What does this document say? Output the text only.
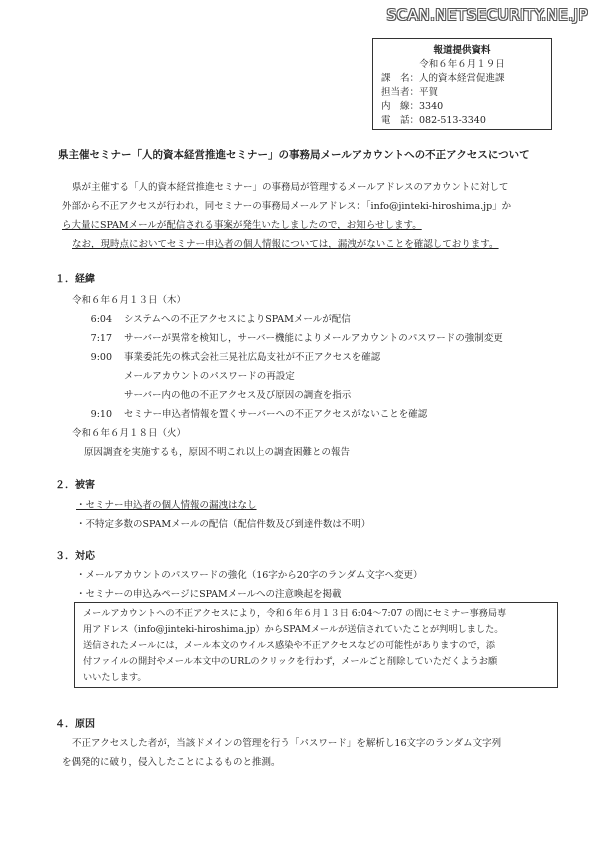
SCAN.NETSECURITY.NE.JP
報道提供資料
令和６年６月１９日
課　名：人的資本経営促進課
担当者：平賀
内　線：3340
電　話：082-513-3340
県主催セミナー「人的資本経営推進セミナー」の事務局メールアカウントへの不正アクセスについて
県が主催する「人的資本経営推進セミナー」の事務局が管理するメールアドレスのアカウントに対して
外部から不正アクセスが行われ，同セミナーの事務局メールアドレス：「info@jinteki-hiroshima.jp」か
ら大量にSPAMメールが配信される事案が発生いたしましたので，お知らせします。
なお，現時点においてセミナー申込者の個人情報については，漏洩がないことを確認しております。
１．経緯
令和６年６月１３日（木）
6:04 システムへの不正アクセスによりSPAMメールが配信
7:17 サーバーが異常を検知し，サーバー機能によりメールアカウントのパスワードの強制変更
9:00 事業委託先の株式会社三晃社広島支社が不正アクセスを確認
メールアカウントのパスワードの再設定
サーバー内の他の不正アクセス及び原因の調査を指示
9:10 セミナー申込者情報を置くサーバーへの不正アクセスがないことを確認
令和６年６月１８日（火）
原因調査を実施するも，原因不明これ以上の調査困難との報告
２．被害
・セミナー申込者の個人情報の漏洩はなし
・不特定多数のSPAMメールの配信（配信件数及び到達件数は不明）
３．対応
・メールアカウントのパスワードの強化（16字から20字のランダム文字へ変更）
・セミナーの申込みページにSPAMメールへの注意喚起を掲載
メールアカウントへの不正アクセスにより，令和６年６月１３日 6:04～7:07 の間にセミナー事務局専
用アドレス（info@jinteki-hiroshima.jp）からSPAMメールが送信されていたことが判明しました。
送信されたメールには，メール本文のウイルス感染や不正アクセスなどの可能性がありますので，添
付ファイルの開封やメール本文中のURLのクリックを行わず，メールごと削除していただくようお願
いいたします。
４．原因
不正アクセスした者が，当該ドメインの管理を行う「パスワード」を解析し16文字のランダム文字列
を偶発的に破り，侵入したことによるものと推測。
